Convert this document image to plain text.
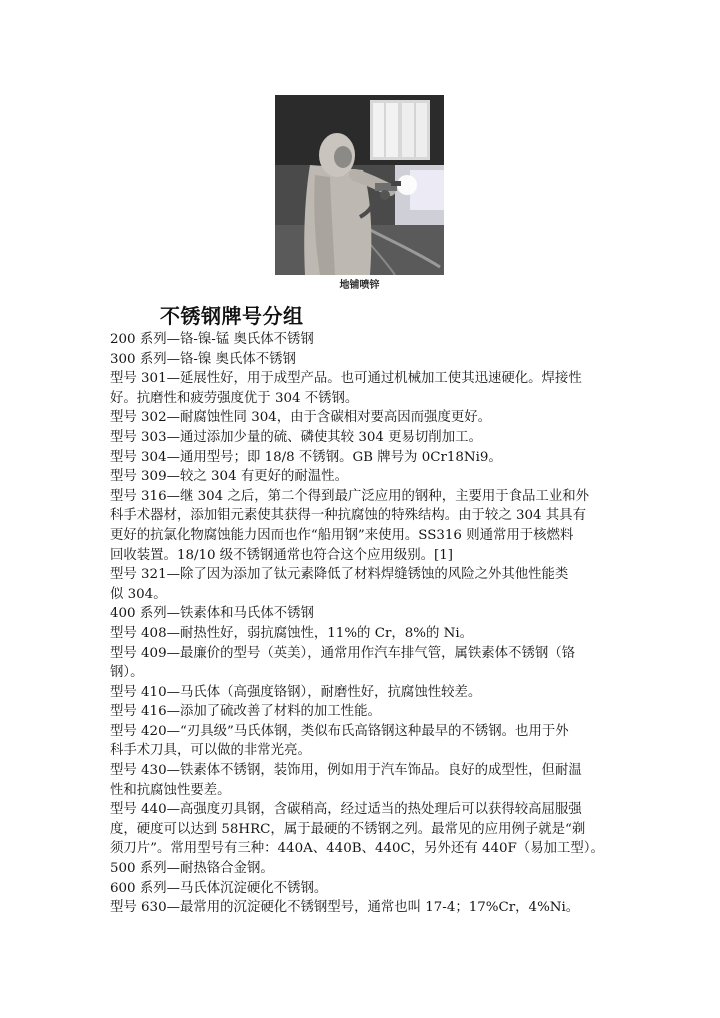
地铺喷锌
不锈钢牌号分组
200 系列—铬-镍-锰 奥氏体不锈钢
300 系列—铬-镍 奥氏体不锈钢
型号 301—延展性好，用于成型产品。也可通过机械加工使其迅速硬化。焊接性
好。抗磨性和疲劳强度优于 304 不锈钢。
型号 302—耐腐蚀性同 304，由于含碳相对要高因而强度更好。
型号 303—通过添加少量的硫、磷使其较 304 更易切削加工。
型号 304—通用型号；即 18/8 不锈钢。GB 牌号为 0Cr18Ni9。
型号 309—较之 304 有更好的耐温性。
型号 316—继 304 之后，第二个得到最广泛应用的钢种，主要用于食品工业和外
科手术器材，添加钼元素使其获得一种抗腐蚀的特殊结构。由于较之 304 其具有
更好的抗氯化物腐蚀能力因而也作“船用钢”来使用。SS316 则通常用于核燃料
回收装置。18/10 级不锈钢通常也符合这个应用级别。[1]
型号 321—除了因为添加了钛元素降低了材料焊缝锈蚀的风险之外其他性能类
似 304。
400 系列—铁素体和马氏体不锈钢
型号 408—耐热性好，弱抗腐蚀性，11%的 Cr，8%的 Ni。
型号 409—最廉价的型号（英美），通常用作汽车排气管，属铁素体不锈钢（铬
钢）。
型号 410—马氏体（高强度铬钢），耐磨性好，抗腐蚀性较差。
型号 416—添加了硫改善了材料的加工性能。
型号 420—“刃具级”马氏体钢，类似布氏高铬钢这种最早的不锈钢。也用于外
科手术刀具，可以做的非常光亮。
型号 430—铁素体不锈钢，装饰用，例如用于汽车饰品。良好的成型性，但耐温
性和抗腐蚀性要差。
型号 440—高强度刃具钢，含碳稍高，经过适当的热处理后可以获得较高屈服强
度，硬度可以达到 58HRC，属于最硬的不锈钢之列。最常见的应用例子就是“剃
须刀片”。常用型号有三种：440A、440B、440C，另外还有 440F（易加工型）。
500 系列—耐热铬合金钢。
600 系列—马氏体沉淀硬化不锈钢。
型号 630—最常用的沉淀硬化不锈钢型号，通常也叫 17-4；17%Cr，4%Ni。
